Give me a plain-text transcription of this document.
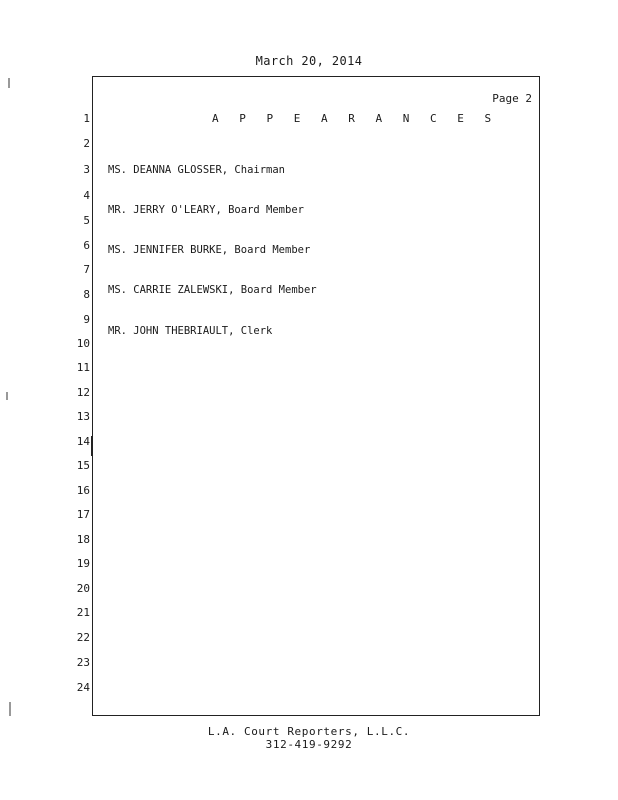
March 20, 2014
Page 2
1
2
3
4
5
6
7
8
9
10
11
12
13
14
15
16
17
18
19
20
21
22
23
24
A P P E A R A N C E S

MS. DEANNA GLOSSER, Chairman

MR. JERRY O'LEARY, Board Member

MS. JENNIFER BURKE, Board Member

MS. CARRIE ZALEWSKI, Board Member

MR. JOHN THEBRIAULT, Clerk

L.A. Court Reporters, L.L.C.
312-419-9292
